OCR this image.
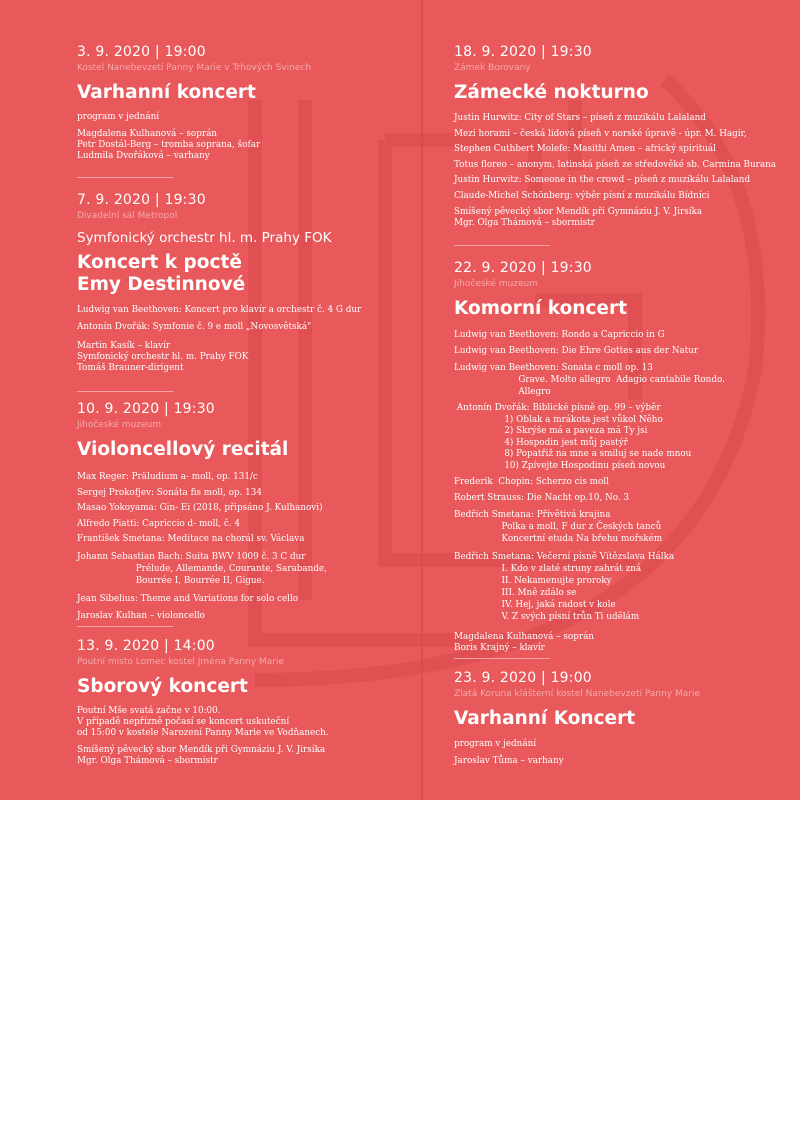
3. 9. 2020 | 19:00
Kostel Nanebevzetí Panny Marie v Trhových Svinech
Varhanní koncert
program v jednání
Magdalena Kulhanová – soprán
Petr Dostál-Berg – tromba soprana, šofar
Ludmila Dvořáková – varhany
7. 9. 2020 | 19:30
Divadelní sál Metropol
Symfonický orchestr hl. m. Prahy FOK
Koncert k poctě
Emy Destinnové
Ludwig van Beethoven: Koncert pro klavír a orchestr č. 4 G dur
Antonín Dvořák: Symfonie č. 9 e moll „Novosvětská"
Martin Kasík – klavír
Symfonický orchestr hl. m. Prahy FOK
Tomáš Brauner-dirigent
10. 9. 2020 | 19:30
Jihočeské muzeum
Violoncellový recitál
Max Reger: Präludium a- moll, op. 131/c
Sergej Prokofjev: Sonáta fis moll, op. 134
Masao Yokoyama: Gin- Ei (2018, připsáno J. Kulhanovi)
Alfredo Piatti: Capriccio d- moll, č. 4
František Smetana: Meditace na chorál sv. Václava
Johann Sebastian Bach: Suita BWV 1009 č. 3 C dur
Prélude, Allemande, Courante, Sarabande,
Bourrée I, Bourrée II, Gigue.
Jean Sibelius: Theme and Variations for solo cello
Jaroslav Kulhan – violoncello
13. 9. 2020 | 14:00
Poutní místo Lomec kostel Jména Panny Marie
Sborový koncert
Poutní Mše svatá začne v 10:00.
V případě nepřízně počasí se koncert uskuteční
od 15:00 v kostele Narození Panny Marie ve Vodňanech.
Smíšený pěvecký sbor Mendík při Gymnáziu J. V. Jirsíka
Mgr. Olga Thámová – sbormistr
18. 9. 2020 | 19:30
Zámek Borovany
Zámecké nokturno
Justin Hurwitz: City of Stars – píseň z muzikálu Lalaland
Mezi horami – česká lidová píseň v norské úpravě - úpr. M. Hagir,
Stephen Cuthbert Molefe: Masithi Amen – africký spirituál
Totus floreo – anonym, latinská píseň ze středověké sb. Carmina Burana
Justin Hurwitz: Someone in the crowd – píseň z muzikálu Lalaland
Claude-Michel Schönberg: výběr písní z muzikálu Bídníci
Smíšený pěvecký sbor Mendík při Gymnáziu J. V. Jirsíka
Mgr. Olga Thámová – sbormistr
22. 9. 2020 | 19:30
Jihočeské muzeum
Komorní koncert
Ludwig van Beethoven: Rondo a Capriccio in G
Ludwig van Beethoven: Die Ehre Gottes aus der Natur
Ludwig van Beethoven: Sonata c moll op. 13
Grave. Molto allegro  Adagio cantabile Rondo.
Allegro
Antonín Dvořák: Biblické písně op. 99 – výběr
1) Oblak a mrákota jest vůkol Něho
2) Skrýše má a paveza má Ty jsi
4) Hospodin jest můj pastýř
8) Popatřiž na mne a smiluj se nade mnou
10) Zpívejte Hospodinu píseň novou
Frederik  Chopin: Scherzo cis moll
Robert Strauss: Die Nacht op.10, No. 3
Bedřich Smetana: Přívětivá krajina
Polka a moll, F dur z Českých tanců
Koncertní etuda Na břehu mořském
Bedřich Smetana: Večerní písně Vítězslava Hálka
I. Kdo v zlaté struny zahrát zná
II. Nekamenujte proroky
III. Mně zdálo se
IV. Hej, jaká radost v kole
V. Z svých písní trůn Ti udělám
Magdalena Kulhanová – soprán
Boris Krajný – klavír
23. 9. 2020 | 19:00
Zlatá Koruna klášterní kostel Nanebevzetí Panny Marie
Varhanní Koncert
program v jednání
Jaroslav Tůma – varhany
